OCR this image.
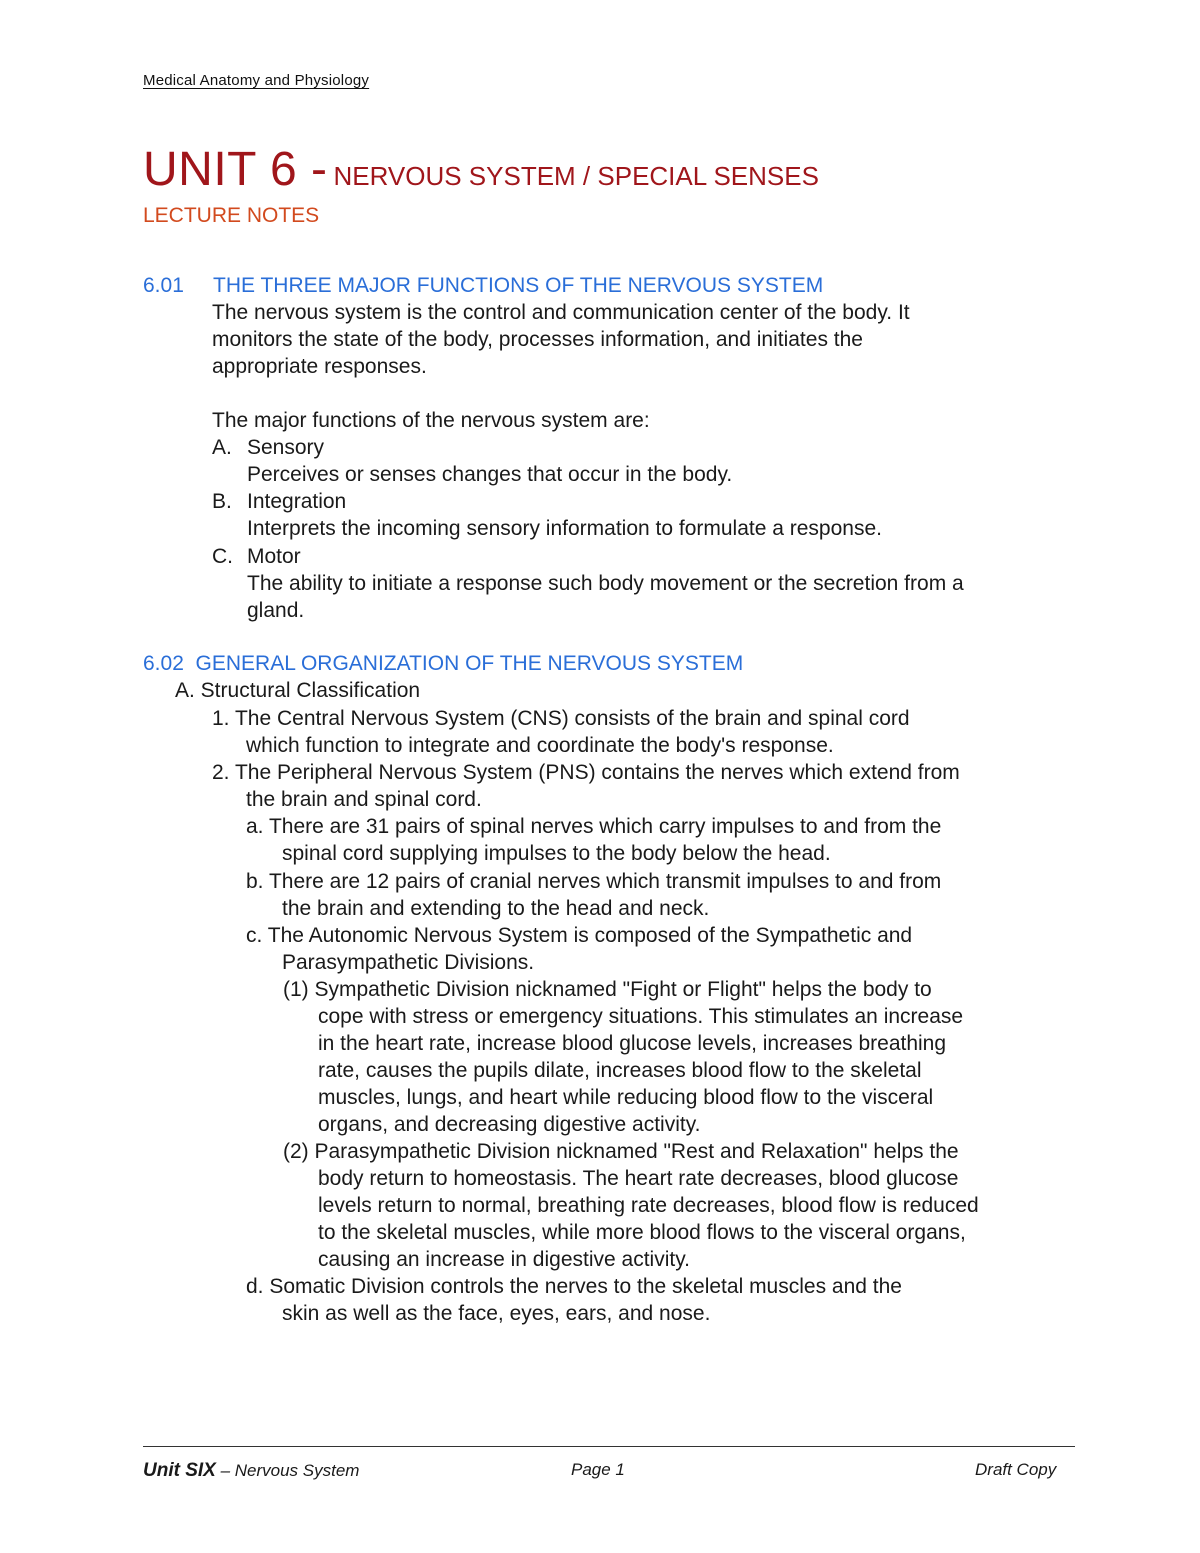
Medical Anatomy and Physiology
UNIT 6 - NERVOUS SYSTEM / SPECIAL SENSES
LECTURE NOTES
6.01 THE THREE MAJOR FUNCTIONS OF THE NERVOUS SYSTEM
The nervous system is the control and communication center of the body. It
monitors the state of the body, processes information, and initiates the
appropriate responses.
The major functions of the nervous system are:
A. Sensory
Perceives or senses changes that occur in the body.
B. Integration
Interprets the incoming sensory information to formulate a response.
C. Motor
The ability to initiate a response such body movement or the secretion from a
gland.
6.02 GENERAL ORGANIZATION OF THE NERVOUS SYSTEM
A. Structural Classification
1. The Central Nervous System (CNS) consists of the brain and spinal cord
which function to integrate and coordinate the body's response.
2. The Peripheral Nervous System (PNS) contains the nerves which extend from
the brain and spinal cord.
a. There are 31 pairs of spinal nerves which carry impulses to and from the
spinal cord supplying impulses to the body below the head.
b. There are 12 pairs of cranial nerves which transmit impulses to and from
the brain and extending to the head and neck.
c. The Autonomic Nervous System is composed of the Sympathetic and
Parasympathetic Divisions.
(1) Sympathetic Division nicknamed "Fight or Flight" helps the body to
cope with stress or emergency situations. This stimulates an increase
in the heart rate, increase blood glucose levels, increases breathing
rate, causes the pupils dilate, increases blood flow to the skeletal
muscles, lungs, and heart while reducing blood flow to the visceral
organs, and decreasing digestive activity.
(2) Parasympathetic Division nicknamed "Rest and Relaxation" helps the
body return to homeostasis. The heart rate decreases, blood glucose
levels return to normal, breathing rate decreases, blood flow is reduced
to the skeletal muscles, while more blood flows to the visceral organs,
causing an increase in digestive activity.
d. Somatic Division controls the nerves to the skeletal muscles and the
skin as well as the face, eyes, ears, and nose.
Unit SIX – Nervous System	Page 1	Draft Copy
